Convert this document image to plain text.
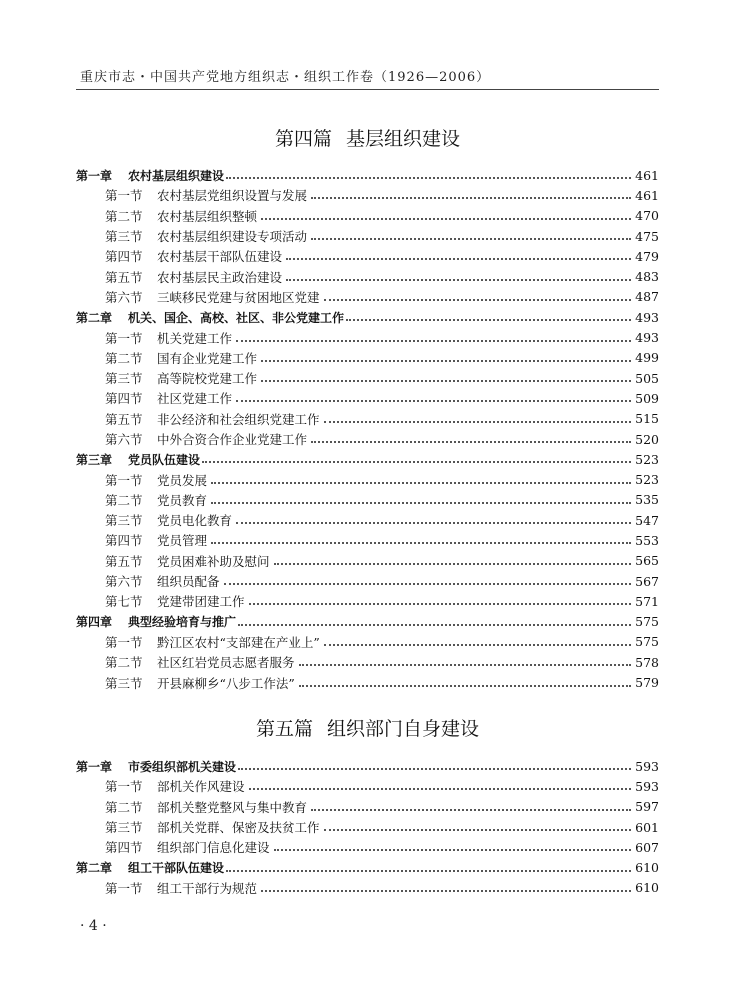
重庆市志・中国共产党地方组织志・组织工作卷（1926—2006）
第四篇 基层组织建设
第一章	农村基层组织建设	461
第一节	农村基层党组织设置与发展	461
第二节	农村基层组织整顿	470
第三节	农村基层组织建设专项活动	475
第四节	农村基层干部队伍建设	479
第五节	农村基层民主政治建设	483
第六节	三峡移民党建与贫困地区党建	487
第二章	机关、国企、高校、社区、非公党建工作	493
第一节	机关党建工作	493
第二节	国有企业党建工作	499
第三节	高等院校党建工作	505
第四节	社区党建工作	509
第五节	非公经济和社会组织党建工作	515
第六节	中外合资合作企业党建工作	520
第三章	党员队伍建设	523
第一节	党员发展	523
第二节	党员教育	535
第三节	党员电化教育	547
第四节	党员管理	553
第五节	党员困难补助及慰问	565
第六节	组织员配备	567
第七节	党建带团建工作	571
第四章	典型经验培育与推广	575
第一节	黔江区农村“支部建在产业上”	575
第二节	社区红岩党员志愿者服务	578
第三节	开县麻柳乡“八步工作法”	579
第五篇 组织部门自身建设
第一章	市委组织部机关建设	593
第一节	部机关作风建设	593
第二节	部机关整党整风与集中教育	597
第三节	部机关党群、保密及扶贫工作	601
第四节	组织部门信息化建设	607
第二章	组工干部队伍建设	610
第一节	组工干部行为规范	610
· 4 ·
